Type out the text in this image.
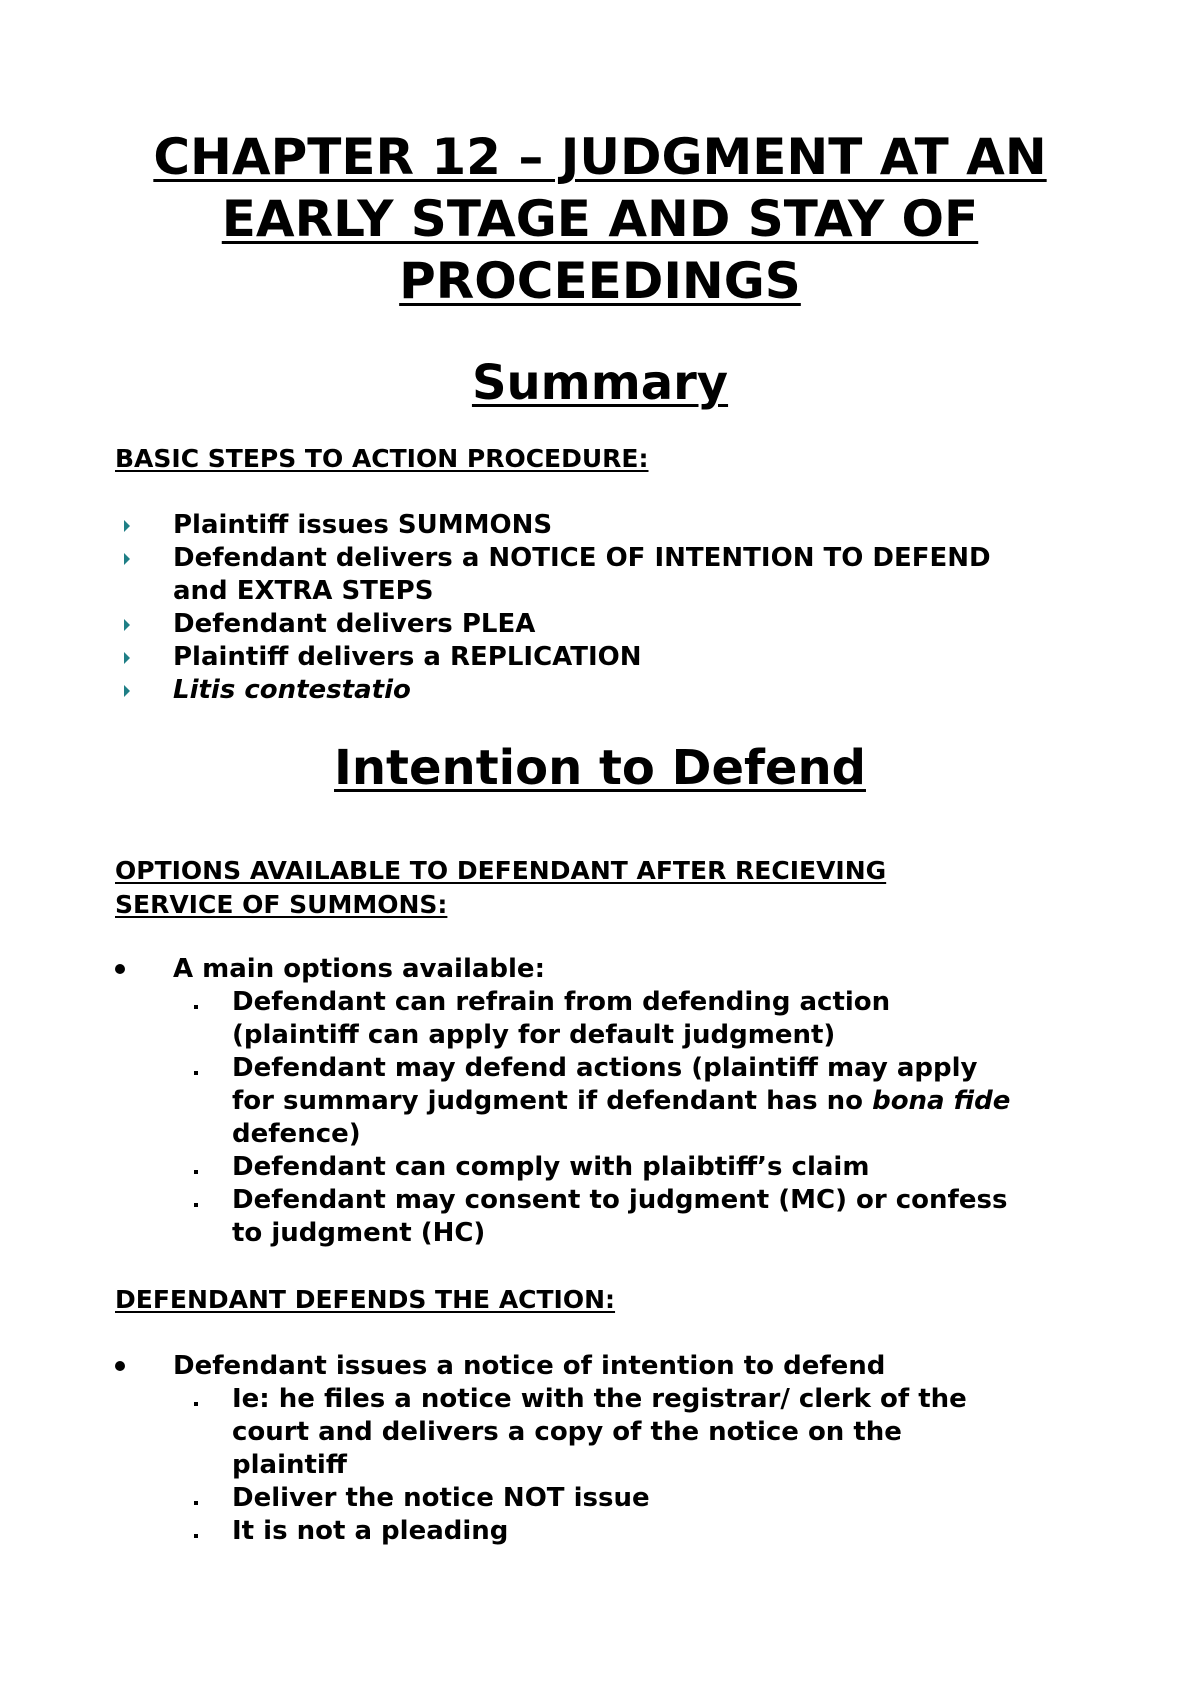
CHAPTER 12 – JUDGMENT AT AN
EARLY STAGE AND STAY OF
PROCEEDINGS
Summary
BASIC STEPS TO ACTION PROCEDURE:
Plaintiff issues SUMMONS
Defendant delivers a NOTICE OF INTENTION TO DEFEND
and EXTRA STEPS
Defendant delivers PLEA
Plaintiff delivers a REPLICATION
Litis contestatio
Intention to Defend
OPTIONS AVAILABLE TO DEFENDANT AFTER RECIEVING
SERVICE OF SUMMONS:
A main options available:
Defendant can refrain from defending action
(plaintiff can apply for default judgment)
Defendant may defend actions (plaintiff may apply
for summary judgment if defendant has no bona fide
defence)
Defendant can comply with plaibtiff’s claim
Defendant may consent to judgment (MC) or confess
to judgment (HC)
DEFENDANT DEFENDS THE ACTION:
Defendant issues a notice of intention to defend
Ie: he files a notice with the registrar/ clerk of the
court and delivers a copy of the notice on the
plaintiff
Deliver the notice NOT issue
It is not a pleading
